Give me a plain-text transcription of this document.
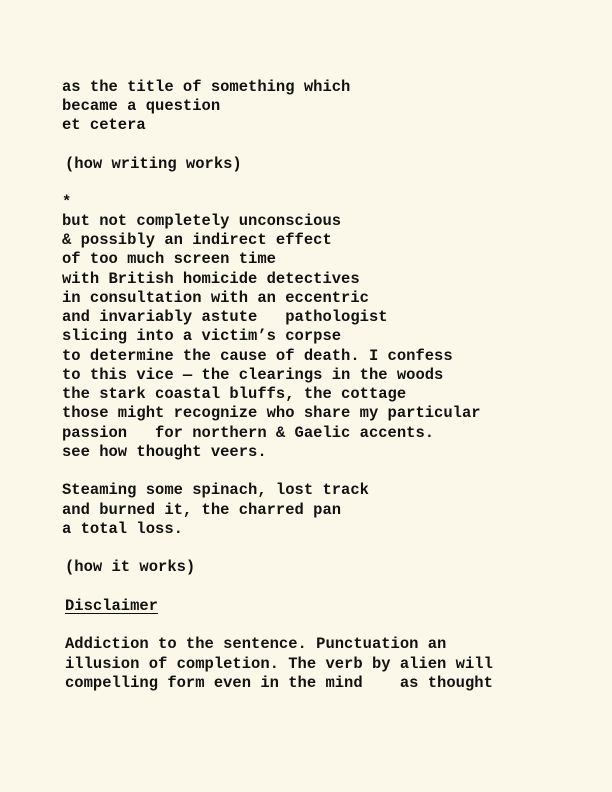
as the title of something which
became a question
et cetera
(how writing works)
*
but not completely unconscious
& possibly an indirect effect
of too much screen time
with British homicide detectives
in consultation with an eccentric
and invariably astute   pathologist
slicing into a victim’s corpse
to determine the cause of death. I confess
to this vice — the clearings in the woods
the stark coastal bluffs, the cottage
those might recognize who share my particular
passion   for northern & Gaelic accents.
see how thought veers.
Steaming some spinach, lost track
and burned it, the charred pan
a total loss.
(how it works)
Disclaimer
Addiction to the sentence. Punctuation an
illusion of completion. The verb by alien will
compelling form even in the mind    as thought
